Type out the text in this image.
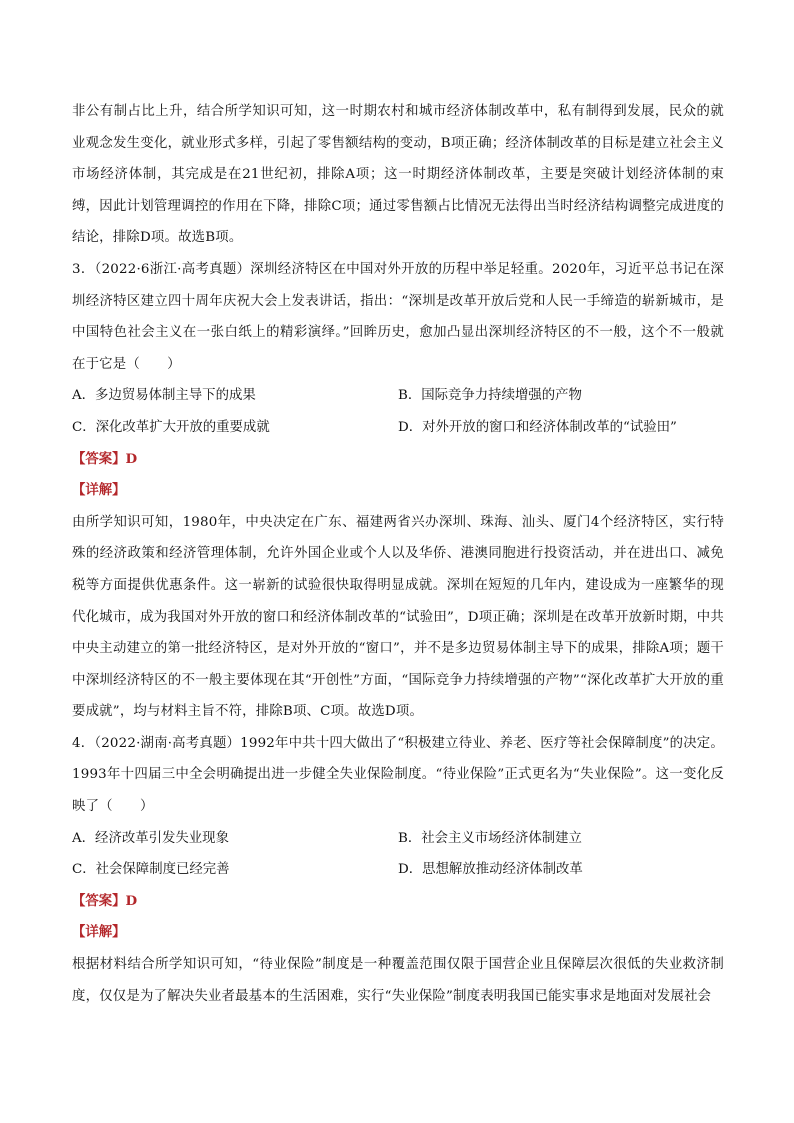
非公有制占比上升，结合所学知识可知，这一时期农村和城市经济体制改革中，私有制得到发展，民众的就业观念发生变化，就业形式多样，引起了零售额结构的变动，B项正确；经济体制改革的目标是建立社会主义市场经济体制，其完成是在21世纪初，排除A项；这一时期经济体制改革，主要是突破计划经济体制的束缚，因此计划管理调控的作用在下降，排除C项；通过零售额占比情况无法得出当时经济结构调整完成进度的结论，排除D项。故选B项。

3．（2022·6浙江·高考真题）深圳经济特区在中国对外开放的历程中举足轻重。2020年，习近平总书记在深圳经济特区建立四十周年庆祝大会上发表讲话，指出：“深圳是改革开放后党和人民一手缔造的崭新城市，是中国特色社会主义在一张白纸上的精彩演绎。”回眸历史，愈加凸显出深圳经济特区的不一般，这个不一般就在于它是（　　）

A．多边贸易体制主导下的成果	B．国际竞争力持续增强的产物
C．深化改革扩大开放的重要成就	D．对外开放的窗口和经济体制改革的“试验田”
【答案】D
【详解】

由所学知识可知，1980年，中央决定在广东、福建两省兴办深圳、珠海、汕头、厦门4个经济特区，实行特殊的经济政策和经济管理体制，允许外国企业或个人以及华侨、港澳同胞进行投资活动，并在进出口、减免税等方面提供优惠条件。这一崭新的试验很快取得明显成就。深圳在短短的几年内，建设成为一座繁华的现代化城市，成为我国对外开放的窗口和经济体制改革的“试验田”，D项正确；深圳是在改革开放新时期，中共中央主动建立的第一批经济特区，是对外开放的“窗口”，并不是多边贸易体制主导下的成果，排除A项；题干中深圳经济特区的不一般主要体现在其“开创性”方面，“国际竞争力持续增强的产物”“深化改革扩大开放的重要成就”，均与材料主旨不符，排除B项、C项。故选D项。

4．（2022·湖南·高考真题）1992年中共十四大做出了“积极建立待业、养老、医疗等社会保障制度”的决定。1993年十四届三中全会明确提出进一步健全失业保险制度。“待业保险”正式更名为“失业保险”。这一变化反映了（　　）

A．经济改革引发失业现象	B．社会主义市场经济体制建立
C．社会保障制度已经完善	D．思想解放推动经济体制改革
【答案】D
【详解】

根据材料结合所学知识可知，“待业保险”制度是一种覆盖范围仅限于国营企业且保障层次很低的失业救济制度，仅仅是为了解决失业者最基本的生活困难，实行“失业保险”制度表明我国已能实事求是地面对发展社会
